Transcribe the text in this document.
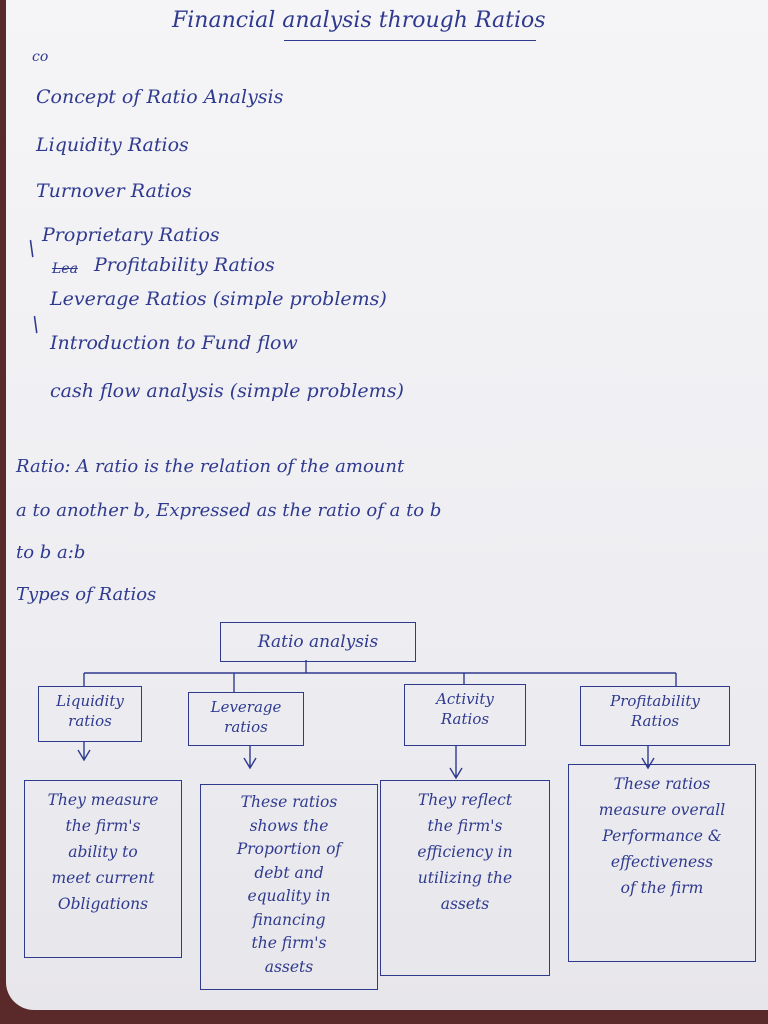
Financial analysis through Ratios
co
Concept of Ratio Analysis
Liquidity Ratios
Turnover Ratios
Proprietary Ratios
/
Lea Profitability Ratios
Leverage Ratios (simple problems)
/
Introduction to Fund flow
cash flow analysis (simple problems)
Ratio: A ratio is the relation of the amount
a to another b, Expressed as the ratio of a to b
to b a:b
Types of Ratios
Ratio analysis
Liquidity
ratios
Leverage
ratios
Activity
Ratios
Profitability
Ratios
They measure
the firm's
ability to
meet current
Obligations
These ratios
shows the
Proportion of
debt and
equality in
financing
the firm's
assets
They reflect
the firm's
efficiency in
utilizing the
assets
These ratios
measure overall
Performance &
effectiveness
of the firm
